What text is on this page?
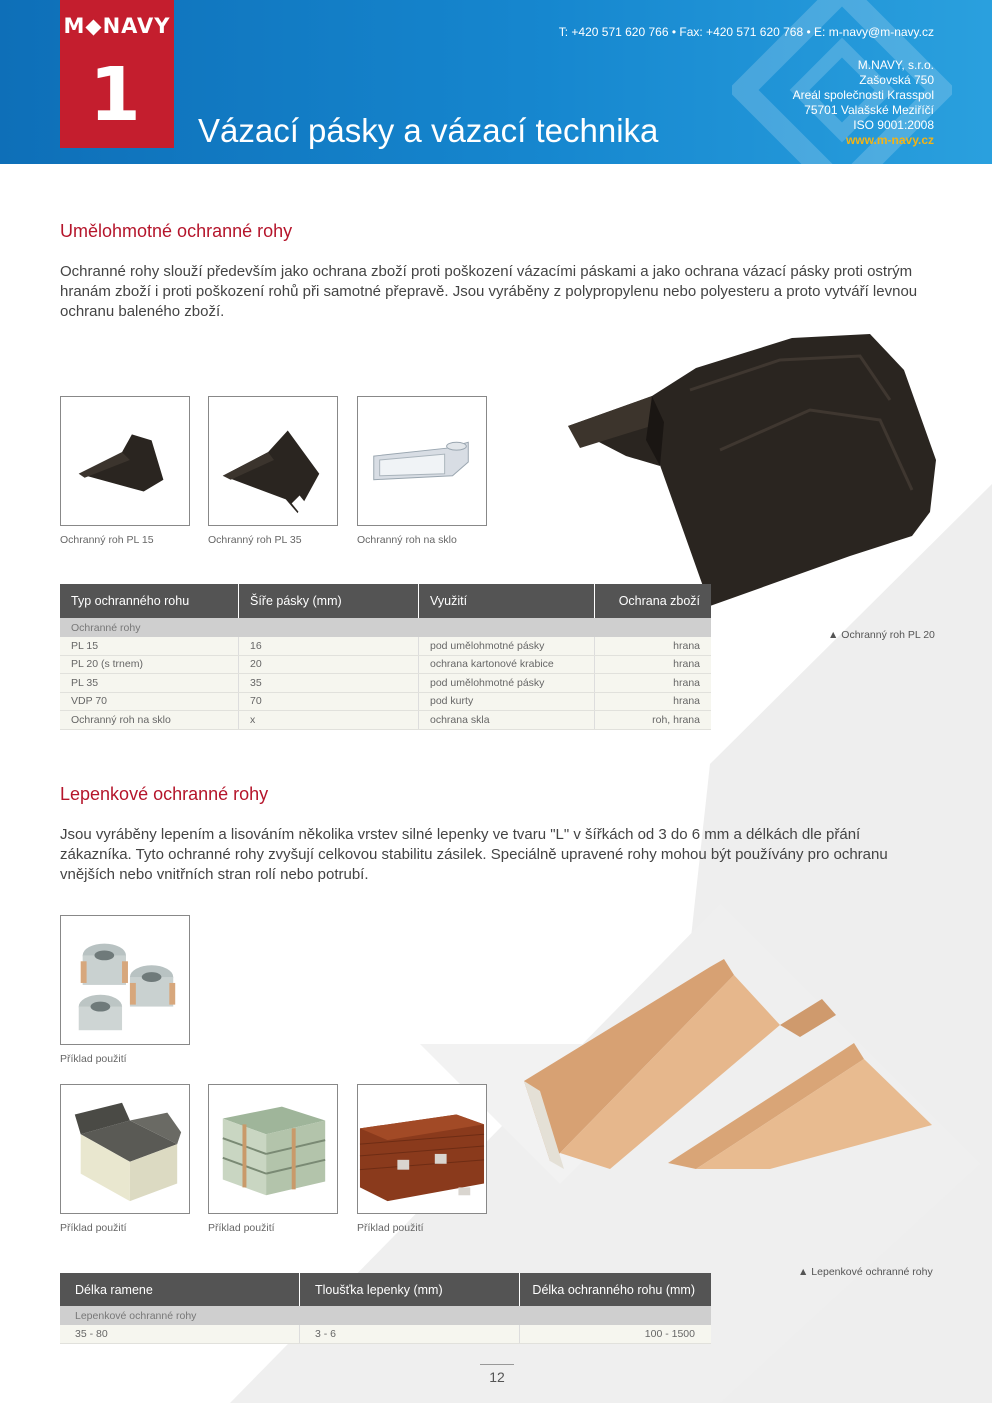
M◆NAVY
1	Vázací pásky a vázací technika
T: +420 571 620 766 • Fax: +420 571 620 768 • E: m-navy@m-navy.cz
M.NAVY, s.r.o.
Zašovská 750
Areál společnosti Krasspol
75701 Valašské Meziříčí
ISO 9001:2008
www.m-navy.cz
Umělohmotné ochranné rohy
Ochranné rohy slouží především jako ochrana zboží proti poškození vázacími páskami a jako ochrana vázací pásky proti ostrým hranám zboží i proti poškození rohů při samotné přepravě. Jsou vyráběny z polypropylenu nebo polyesteru a proto vytváří levnou ochranu baleného zboží.
Ochranný roh PL 15	Ochranný roh PL 35	Ochranný roh na sklo
▲ Ochranný roh PL 20
Typ ochranného rohu	Šíře pásky (mm)	Využití	Ochrana zboží
Ochranné rohy
PL 15	16	pod umělohmotné pásky	hrana
PL 20 (s trnem)	20	ochrana kartonové krabice	hrana
PL 35	35	pod umělohmotné pásky	hrana
VDP 70	70	pod kurty	hrana
Ochranný roh na sklo	x	ochrana skla	roh, hrana
Lepenkové ochranné rohy
Jsou vyráběny lepením a lisováním několika vrstev silné lepenky ve tvaru "L" v šířkách od 3 do 6 mm a délkách dle přání zákazníka. Tyto ochranné rohy zvyšují celkovou stabilitu zásilek. Speciálně upravené rohy mohou být používány pro ochranu vnějších nebo vnitřních stran rolí nebo potrubí.
Příklad použití
Příklad použití	Příklad použití	Příklad použití
▲ Lepenkové ochranné rohy
Délka ramene	Tloušťka lepenky (mm)	Délka ochranného rohu (mm)
Lepenkové ochranné rohy
35 - 80	3 - 6	100 - 1500
12
